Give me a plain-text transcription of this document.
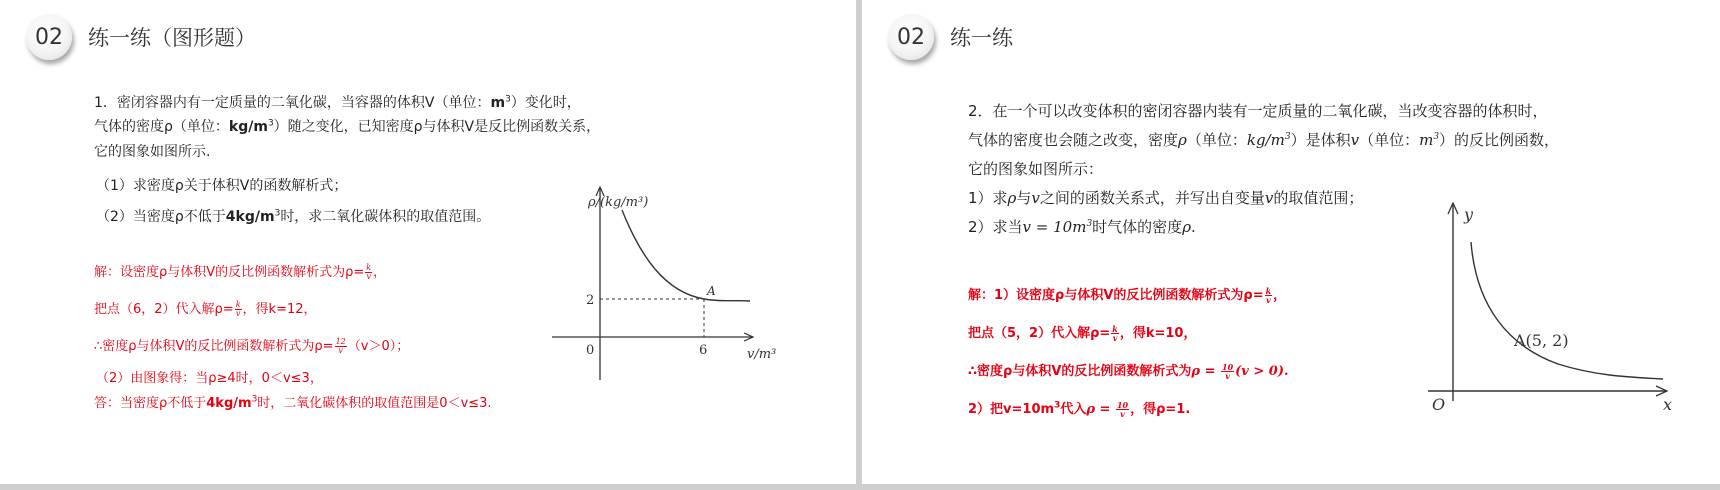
02 练一练（图形题）
1．密闭容器内有一定质量的二氧化碳，当容器的体积V（单位：$m^3$）变化时，
气体的密度ρ（单位：$kg/m^3$）随之变化，已知密度ρ与体积V是反比例函数关系，
它的图象如图所示.
（1）求密度ρ关于体积V的函数解析式；
（2）当密度ρ不低于$4kg/m^3$时，求二氧化碳体积的取值范围。
解：设密度ρ与体积V的反比例函数解析式为$\rho= \frac{k}{v}$ ，
把点（6，2）代入解$\rho= \frac{k}{v}$ ，得k=12，
∴密度ρ与体积V的反比例函数解析式为$\rho= \frac{12}{v} (v>0)$；
（2）由图象得：当ρ≥4时，0＜v≤3，
答：当密度ρ不低于$4kg/m^3$时，二氧化碳体积的取值范围是0＜v≤3.
ρ/(kg/m³)
v/m³
0
2
6
A
02 练一练
2．在一个可以改变体积的密闭容器内装有一定质量的二氧化碳，当改变容器的体积时，
气体的密度也会随之改变，密度ρ（单位：$kg/m^3$）是体积v（单位：$m^3$）的反比例函数，
它的图象如图所示：
1）求ρ与v之间的函数关系式，并写出自变量v的取值范围；
2）求当$v = 10m^3$时气体的密度ρ.
解：1）设密度ρ与体积V的反比例函数解析式为$\rho= \frac{k}{v}$ ，
把点（5，2）代入解$\rho= \frac{k}{v}$ ，得k=10，
∴密度ρ与体积V的反比例函数解析式为$\rho = \frac{10}{v} (v > 0)$.
2）把$v=10m^3$代入$\rho = \frac{10}{v}$ ，得ρ=1.
y
x
O
A(5, 2)
